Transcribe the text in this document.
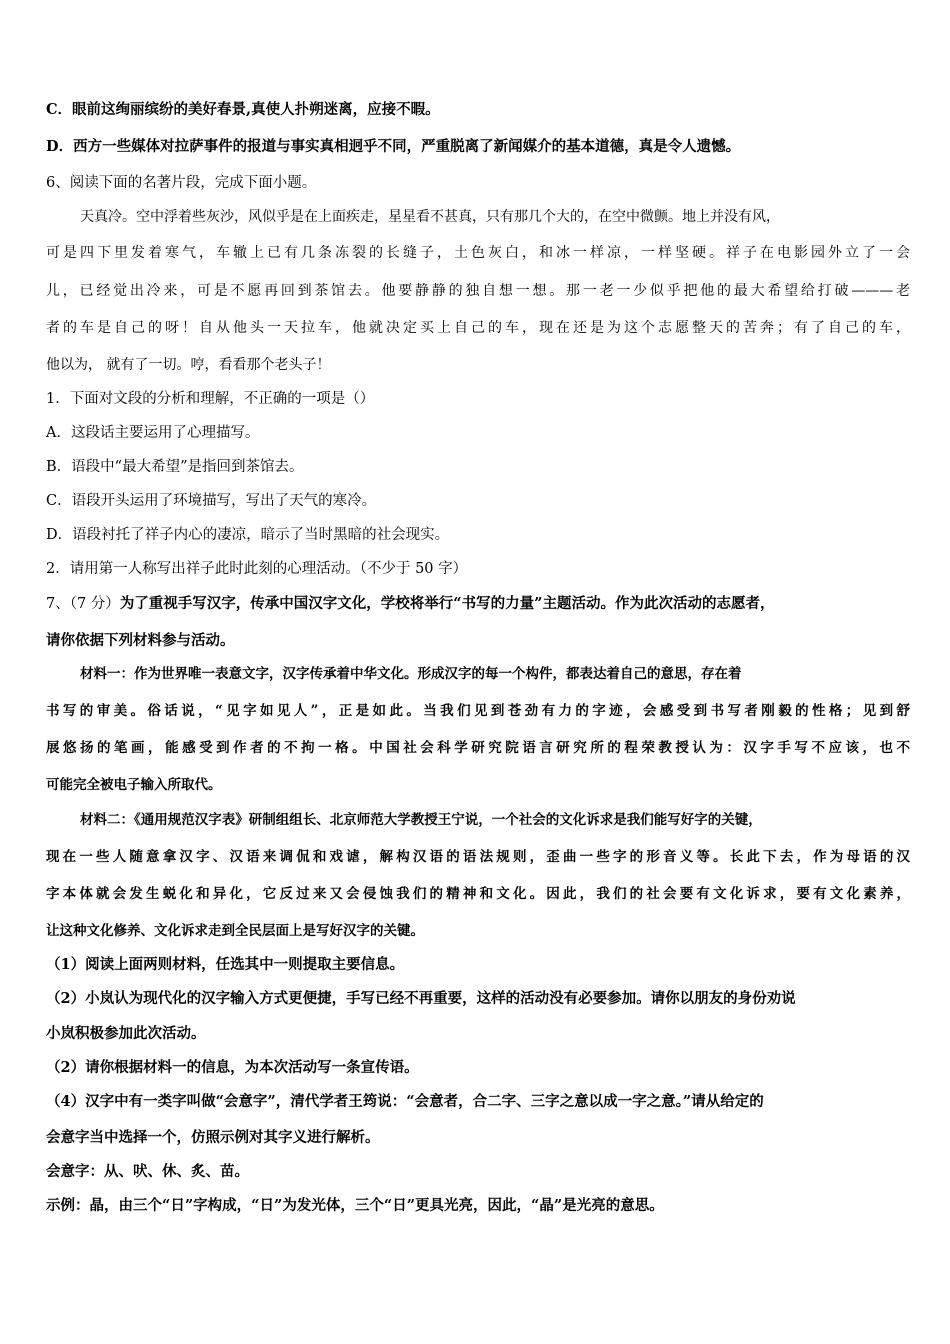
C．眼前这绚丽缤纷的美好春景,真使人扑朔迷离，应接不暇。
D．西方一些媒体对拉萨事件的报道与事实真相迥乎不同，严重脱离了新闻媒介的基本道德，真是令人遗憾。
6、阅读下面的名著片段，完成下面小题。
天真冷。空中浮着些灰沙，风似乎是在上面疾走，星星看不甚真，只有那几个大的，在空中微颤。地上并没有风，
可是四下里发着寒气，车辙上已有几条冻裂的长缝子，土色灰白，和冰一样凉，一样坚硬。祥子在电影园外立了一会
儿，已经觉出冷来，可是不愿再回到茶馆去。他要静静的独自想一想。那一老一少似乎把他的最大希望给打破———老
者的车是自己的呀！自从他头一天拉车，他就决定买上自己的车，现在还是为这个志愿整天的苦奔；有了自己的车，
他以为， 就有了一切。哼，看看那个老头子！
1．下面对文段的分析和理解，不正确的一项是（）
A．这段话主要运用了心理描写。
B．语段中“最大希望”是指回到茶馆去。
C．语段开头运用了环境描写，写出了天气的寒冷。
D．语段衬托了祥子内心的凄凉，暗示了当时黑暗的社会现实。
2．请用第一人称写出祥子此时此刻的心理活动。（不少于 50 字）
7、（7 分）为了重视手写汉字，传承中国汉字文化，学校将举行“书写的力量”主题活动。作为此次活动的志愿者，
请你依据下列材料参与活动。
材料一：作为世界唯一表意文字，汉字传承着中华文化。形成汉字的每一个构件，都表达着自己的意思，存在着
书写的审美。俗话说，“见字如见人”，正是如此。当我们见到苍劲有力的字迹，会感受到书写者刚毅的性格；见到舒
展悠扬的笔画，能感受到作者的不拘一格。中国社会科学研究院语言研究所的程荣教授认为：汉字手写不应该，也不
可能完全被电子输入所取代。
材料二：《通用规范汉字表》研制组组长、北京师范大学教授王宁说，一个社会的文化诉求是我们能写好字的关键，
现在一些人随意拿汉字、汉语来调侃和戏谑，解构汉语的语法规则，歪曲一些字的形音义等。长此下去，作为母语的汉
字本体就会发生蜕化和异化，它反过来又会侵蚀我们的精神和文化。因此，我们的社会要有文化诉求，要有文化素养，
让这种文化修养、文化诉求走到全民层面上是写好汉字的关键。
（1）阅读上面两则材料，任选其中一则提取主要信息。
（2）小岚认为现代化的汉字输入方式更便捷，手写已经不再重要，这样的活动没有必要参加。请你以朋友的身份劝说
小岚积极参加此次活动。
（2）请你根据材料一的信息，为本次活动写一条宣传语。
（4）汉字中有一类字叫做“会意字”，清代学者王筠说：“会意者，合二字、三字之意以成一字之意。”请从给定的
会意字当中选择一个，仿照示例对其字义进行解析。
会意字：从、吠、休、炙、苗。
示例：晶，由三个“日”字构成，“日”为发光体，三个“日”更具光亮，因此，“晶”是光亮的意思。
